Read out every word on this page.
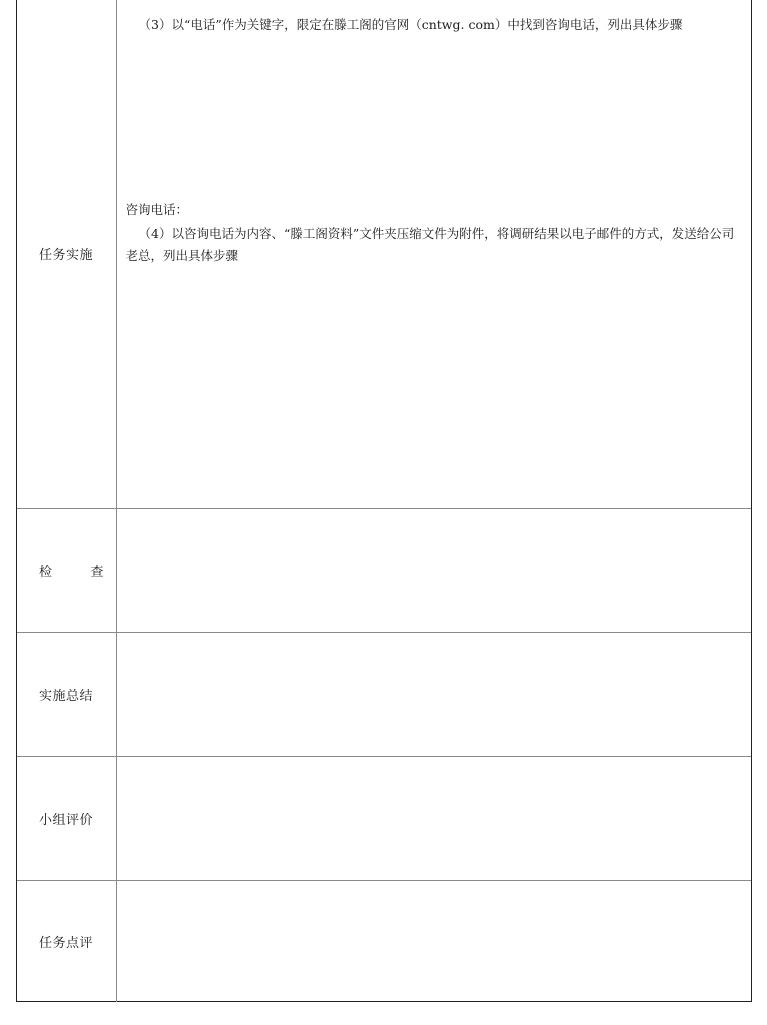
任务实施	（3）以“电话”作为关键字，限定在滕工阁的官网（cntwg. com）中找到咨询电话，列出具体步骤

咨询电话：

（4）以咨询电话为内容、“滕工阁资料”文件夹压缩文件为附件，将调研结果以电子邮件的方式，发送给公司老总，列出具体步骤

检 查	
实施总结	
小组评价	
任务点评	
